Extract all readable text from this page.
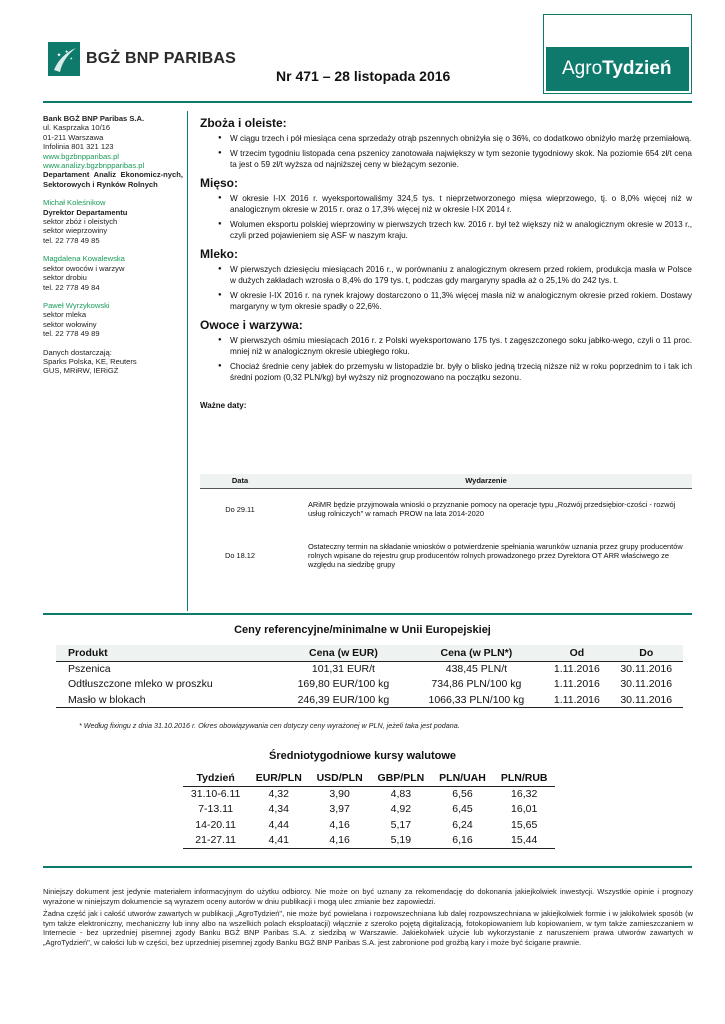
BGŻ BNP PARIBAS	Agro Tydzień
Nr 471 – 28 listopada 2016
Bank BGŻ BNP Paribas S.A.
ul. Kasprzaka 10/16
01-211 Warszawa
Infolinia 801 321 123
www.bgzbnpparibas.pl
www.analizy.bgzbnpparibas.pl
Departament Analiz Ekonomicz-nych, Sektorowych i Rynków Rolnych
Michał Koleśnikow
Dyrektor Departamentu
sektor zbóż i oleistych
sektor wieprzowiny
tel. 22 778 49 85
Magdalena Kowalewska
sektor owoców i warzyw
sektor drobiu
tel. 22 778 49 84
Paweł Wyrzykowski
sektor mleka
sektor wołowiny
tel. 22 778 49 89
Danych dostarczają:
Sparks Polska, KE, Reuters
GUS, MRiRW, IERiGŻ
Zboża i oleiste:
● W ciągu trzech i pół miesiąca cena sprzedaży otrąb pszennych obniżyła się o 36%, co dodatkowo obniżyło marżę przemiałową.
● W trzecim tygodniu listopada cena pszenicy zanotowała największy w tym sezonie tygodniowy skok. Na poziomie 654 zł/t cena ta jest o 59 zł/t wyższa od najniższej ceny w bieżącym sezonie.
Mięso:
● W okresie I-IX 2016 r. wyeksportowaliśmy 324,5 tys. t nieprzetworzonego mięsa wieprzowego, tj. o 8,0% więcej niż w analogicznym okresie w 2015 r. oraz o 17,3% więcej niż w okresie I-IX 2014 r.
● Wolumen eksportu polskiej wieprzowiny w pierwszych trzech kw. 2016 r. był też większy niż w analogicznym okresie w 2013 r., czyli przed pojawieniem się ASF w naszym kraju.
Mleko:
● W pierwszych dziesięciu miesiącach 2016 r., w porównaniu z analogicznym okresem przed rokiem, produkcja masła w Polsce w dużych zakładach wzrosła o 8,4% do 179 tys. t, podczas gdy margaryny spadła aż o 25,1% do 242 tys. t.
● W okresie I-IX 2016 r. na rynek krajowy dostarczono o 11,3% więcej masła niż w analogicznym okresie przed rokiem. Dostawy margaryny w tym okresie spadły o 22,6%.
Owoce i warzywa:
● W pierwszych ośmiu miesiącach 2016 r. z Polski wyeksportowano 175 tys. t zagęszczonego soku jabłko-wego, czyli o 11 proc. mniej niż w analogicznym okresie ubiegłego roku.
● Chociaż średnie ceny jabłek do przemysłu w listopadzie br. były o blisko jedną trzecią niższe niż w roku poprzednim to i tak ich średni poziom (0,32 PLN/kg) był wyższy niż prognozowano na początku sezonu.
Ważne daty:
Data	Wydarzenie
Do 29.11	ARiMR będzie przyjmowała wnioski o przyznanie pomocy na operacje typu „Rozwój przedsiębior-czości - rozwój usług rolniczych" w ramach PROW na lata 2014-2020
Do 18.12	Ostateczny termin na składanie wniosków o potwierdzenie spełniania warunków uznania przez grupy producentów rolnych wpisane do rejestru grup producentów rolnych prowadzonego przez Dyrektora OT ARR właściwego ze względu na siedzibę grupy
Ceny referencyjne/minimalne w Unii Europejskiej
Produkt	Cena (w EUR)	Cena (w PLN*)	Od	Do
Pszenica	101,31 EUR/t	438,45 PLN/t	1.11.2016	30.11.2016
Odtłuszczone mleko w proszku	169,80 EUR/100 kg	734,86 PLN/100 kg	1.11.2016	30.11.2016
Masło w blokach	246,39 EUR/100 kg	1066,33 PLN/100 kg	1.11.2016	30.11.2016
* Według fixingu z dnia 31.10.2016 r. Okres obowiązywania cen dotyczy ceny wyrażonej w PLN, jeżeli taka jest podana.
Średniotygodniowe kursy walutowe
Tydzień	EUR/PLN	USD/PLN	GBP/PLN	PLN/UAH	PLN/RUB
31.10-6.11	4,32	3,90	4,83	6,56	16,32
7-13.11	4,34	3,97	4,92	6,45	16,01
14-20.11	4,44	4,16	5,17	6,24	15,65
21-27.11	4,41	4,16	5,19	6,16	15,44

Niniejszy dokument jest jedynie materiałem informacyjnym do użytku odbiorcy. Nie może on być uznany za rekomendację do dokonania jakiejkolwiek inwestycji. Wszystkie opinie i prognozy wyrażone w niniejszym dokumencie są wyrazem oceny autorów w dniu publikacji i mogą ulec zmianie bez zapowiedzi.

Żadna część jak i całość utworów zawartych w publikacji „AgroTydzień", nie może być powielana i rozpowszechniana lub dalej rozpowszechniana w jakiejkolwiek formie i w jakikolwiek sposób (w tym także elektroniczny, mechaniczny lub inny albo na wszelkich polach eksploatacji) włącznie z szeroko pojętą digitalizacją, fotokopiowaniem lub kopiowaniem, w tym także zamieszczaniem w Internecie - bez uprzedniej pisemnej zgody Banku BGŻ BNP Paribas S.A. z siedzibą w Warszawie. Jakiekolwiek użycie lub wykorzystanie z naruszeniem prawa utworów zawartych w „AgroTydzień", w całości lub w części, bez uprzedniej pisemnej zgody Banku BGŻ BNP Paribas S.A. jest zabronione pod groźbą kary i może być ścigane prawnie.
